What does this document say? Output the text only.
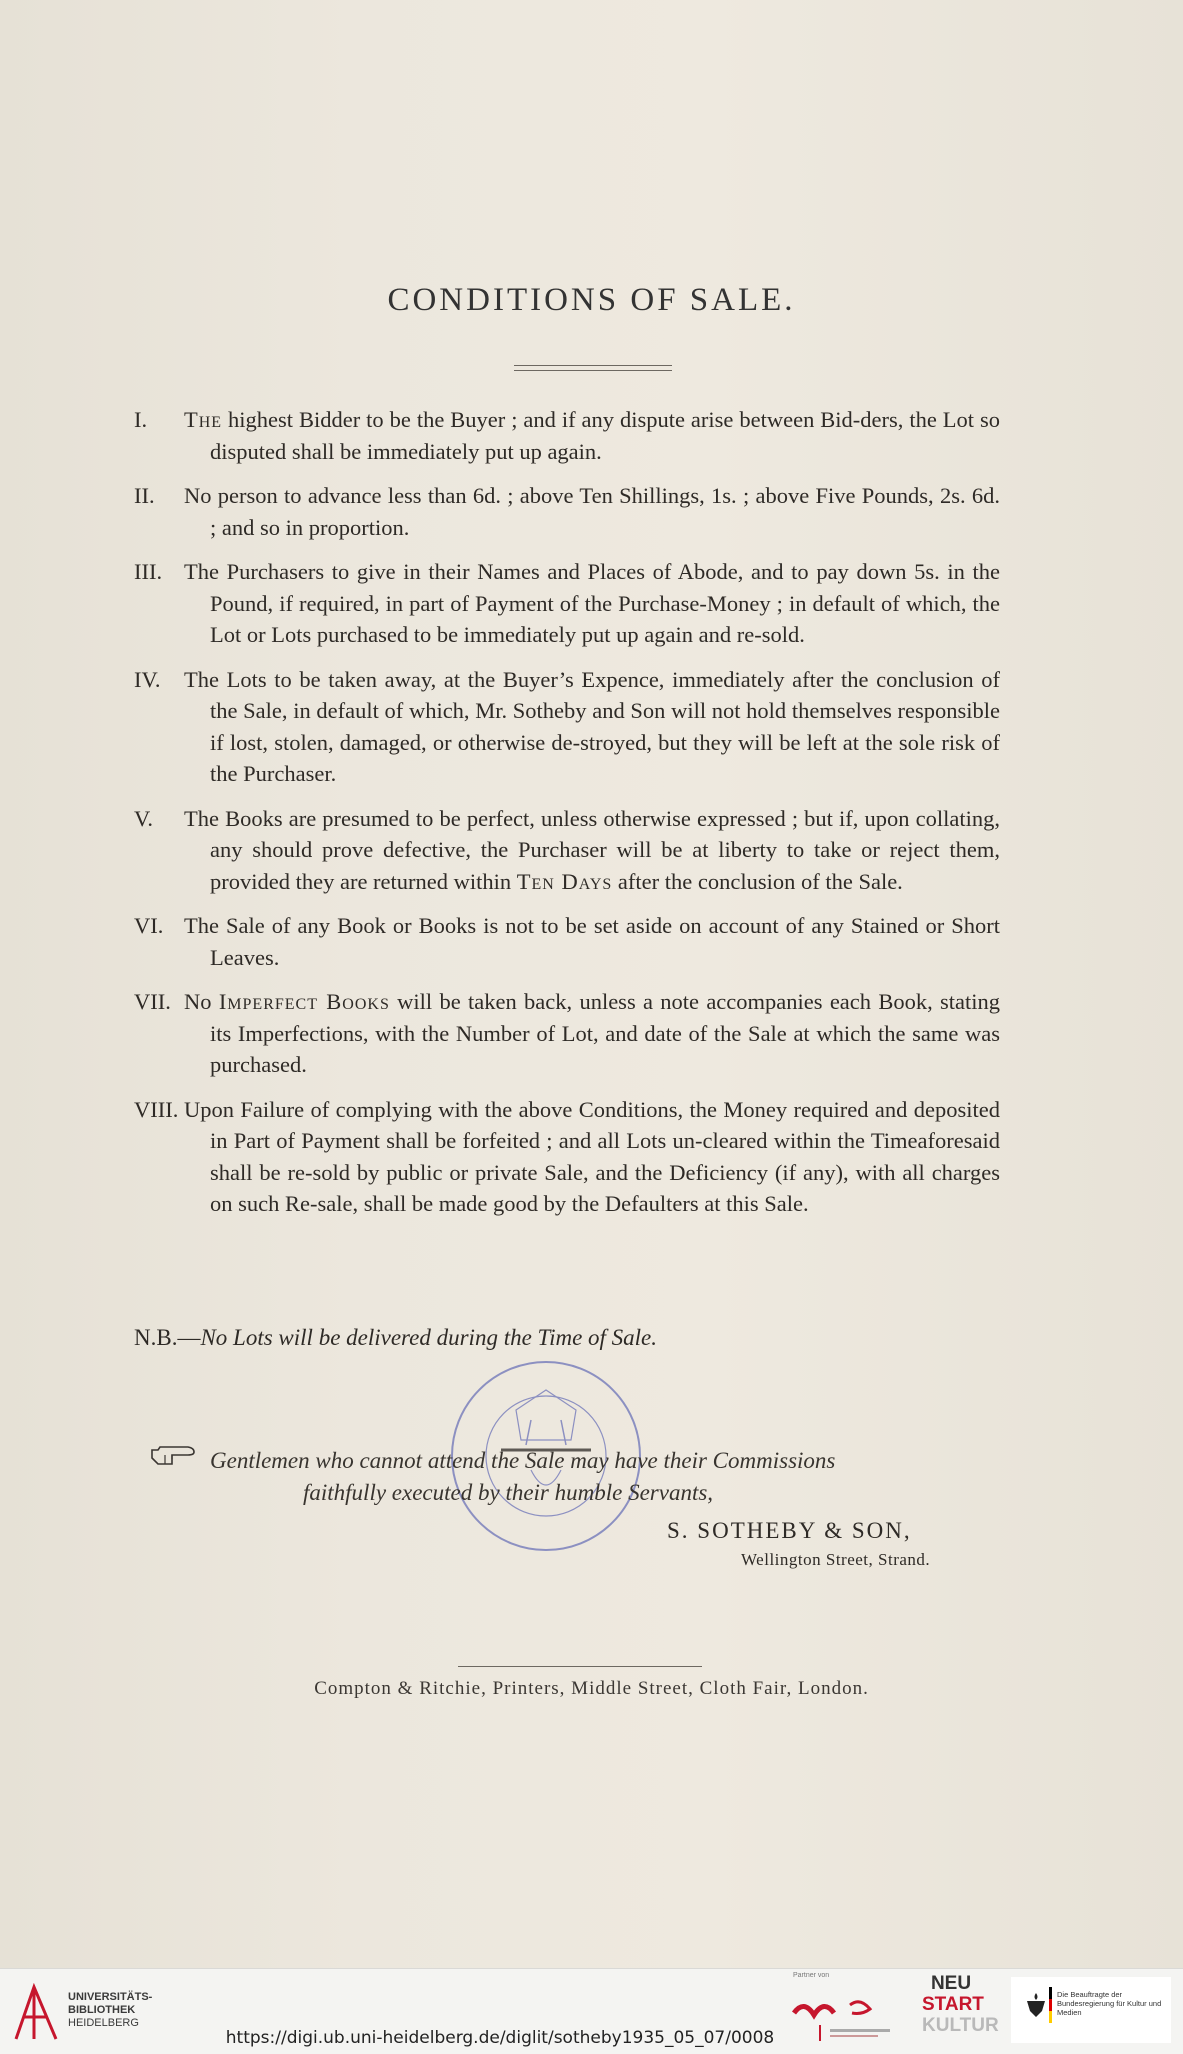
CONDITIONS OF SALE.

I. The highest Bidder to be the Buyer ; and if any dispute arise between Bid-ders, the Lot so disputed shall be immediately put up again.

II. No person to advance less than 6d. ; above Ten Shillings, 1s. ; above Five Pounds, 2s. 6d. ; and so in proportion.

III. The Purchasers to give in their Names and Places of Abode, and to pay down 5s. in the Pound, if required, in part of Payment of the Purchase-Money ; in default of which, the Lot or Lots purchased to be immediately put up again and re-sold.

IV. The Lots to be taken away, at the Buyer’s Expence, immediately after the conclusion of the Sale, in default of which, Mr. Sotheby and Son will not hold themselves responsible if lost, stolen, damaged, or otherwise de-stroyed, but they will be left at the sole risk of the Purchaser.

V. The Books are presumed to be perfect, unless otherwise expressed ; but if, upon collating, any should prove defective, the Purchaser will be at liberty to take or reject them, provided they are returned within Ten Days after the conclusion of the Sale.

VI. The Sale of any Book or Books is not to be set aside on account of any Stained or Short Leaves.

VII. No Imperfect Books will be taken back, unless a note accompanies each Book, stating its Imperfections, with the Number of Lot, and date of the Sale at which the same was purchased.

VIII. Upon Failure of complying with the above Conditions, the Money required and deposited in Part of Payment shall be forfeited ; and all Lots un-cleared within the Timeaforesaid shall be re-sold by public or private Sale, and the Deficiency (if any), with all charges on such Re-sale, shall be made good by the Defaulters at this Sale.

N.B.—No Lots will be delivered during the Time of Sale.
Gentlemen who cannot attend the Sale may have their Commissions
faithfully executed by their humble Servants,
S. SOTHEBY & SON,
Wellington Street, Strand.
Compton & Ritchie, Printers, Middle Street, Cloth Fair, London.
UNIVERSITÄTS-
BIBLIOTHEK
HEIDELBERG
https://digi.ub.uni-heidelberg.de/diglit/sotheby1935_05_07/0008
Partner von	NEU
START
KULTUR
Die Beauftragte der Bundesregierung für Kultur und Medien
